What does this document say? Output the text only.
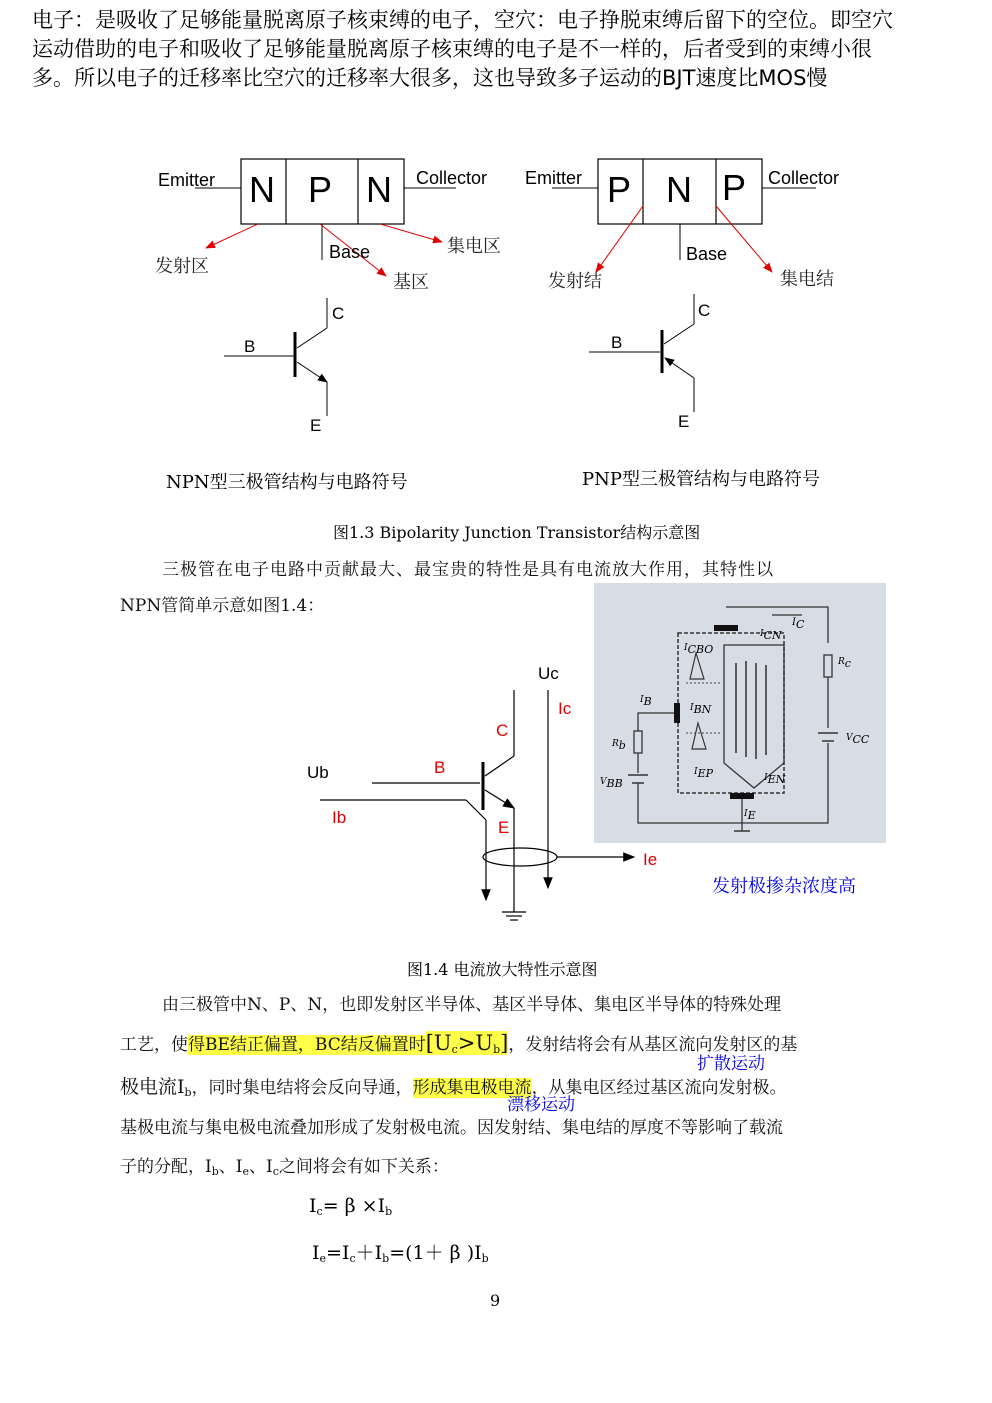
电子：是吸收了足够能量脱离原子核束缚的电子，空穴：电子挣脱束缚后留下的空位。即空穴
运动借助的电子和吸收了足够能量脱离原子核束缚的电子是不一样的，后者受到的束缚小很
多。所以电子的迁移率比空穴的迁移率大很多，这也导致多子运动的BJT速度比MOS慢
Emitter	Collector
N P N
Base
发射区
基区
集电区
B
C
E
NPN型三极管结构与电路符号
Emitter	Collector
P N P
Base
发射结	集电结
B
C
E
PNP型三极管结构与电路符号
图1.3 Bipolarity Junction Transistor结构示意图
三极管在电子电路中贡献最大、最宝贵的特性是具有电流放大作用，其特性以
NPN管简单示意如图1.4：
Uc
Ic
C
B
Ub
Ib
E
Ie
发射极掺杂浓度高
$I_C$
$I_{CN}$
$I_{CBO}$
$I_{BN}$
$I_B$
$R_b$
$R_c$
$V_{CC}$
$V_{BB}$
$I_{EP}$	$I_{EN}$
$I_E$
图1.4 电流放大特性示意图
由三极管中N、P、N，也即发射区半导体、基区半导体、集电区半导体的特殊处理
工艺，使得BE结正偏置，BC结反偏置时$[U_c>U_b]$，发射结将会有从基区流向发射区的基
扩散运动
极电流$I_b$，同时集电结将会反向导通，形成集电极电流，从集电区经过基区流向发射极。
漂移运动
基极电流与集电极电流叠加形成了发射极电流。因发射结、集电结的厚度不等影响了载流
子的分配，$I_b$、$I_e$、$I_c$之间将会有如下关系：
$I_c= \beta \times I_b$
$I_e=I_c+I_b=(1+ \beta$ )$I_b$
9
